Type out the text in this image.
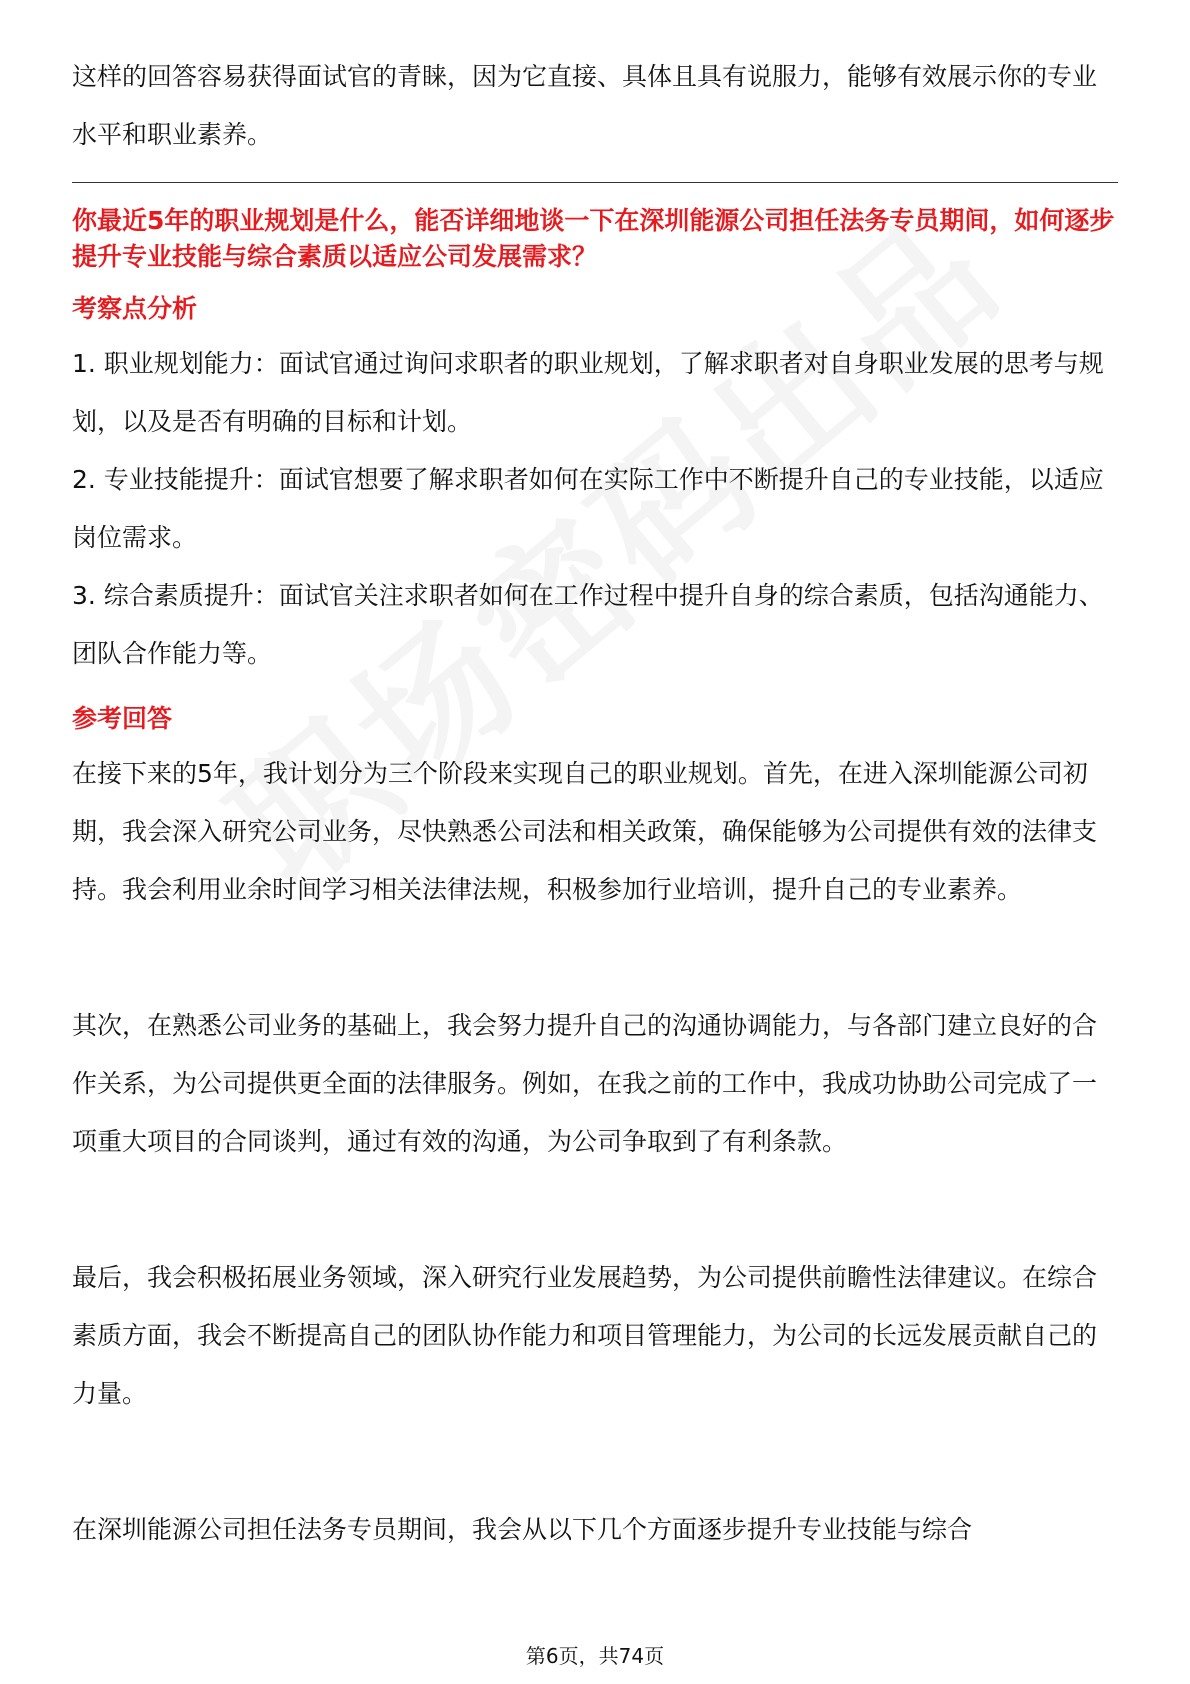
这样的回答容易获得面试官的青睐，因为它直接、具体且具有说服力，能够有效展示你的专业水平和职业素养。

你最近5年的职业规划是什么，能否详细地谈一下在深圳能源公司担任法务专员期间，如何逐步提升专业技能与综合素质以适应公司发展需求？

考察点分析

1. 职业规划能力：面试官通过询问求职者的职业规划，了解求职者对自身职业发展的思考与规划，以及是否有明确的目标和计划。

2. 专业技能提升：面试官想要了解求职者如何在实际工作中不断提升自己的专业技能，以适应岗位需求。

3. 综合素质提升：面试官关注求职者如何在工作过程中提升自身的综合素质，包括沟通能力、团队合作能力等。

参考回答

在接下来的5年，我计划分为三个阶段来实现自己的职业规划。首先，在进入深圳能源公司初期，我会深入研究公司业务，尽快熟悉公司法和相关政策，确保能够为公司提供有效的法律支持。我会利用业余时间学习相关法律法规，积极参加行业培训，提升自己的专业素养。

其次，在熟悉公司业务的基础上，我会努力提升自己的沟通协调能力，与各部门建立良好的合作关系，为公司提供更全面的法律服务。例如，在我之前的工作中，我成功协助公司完成了一项重大项目的合同谈判，通过有效的沟通，为公司争取到了有利条款。

最后，我会积极拓展业务领域，深入研究行业发展趋势，为公司提供前瞻性法律建议。在综合素质方面，我会不断提高自己的团队协作能力和项目管理能力，为公司的长远发展贡献自己的力量。

在深圳能源公司担任法务专员期间，我会从以下几个方面逐步提升专业技能与综合

第6页，共74页
